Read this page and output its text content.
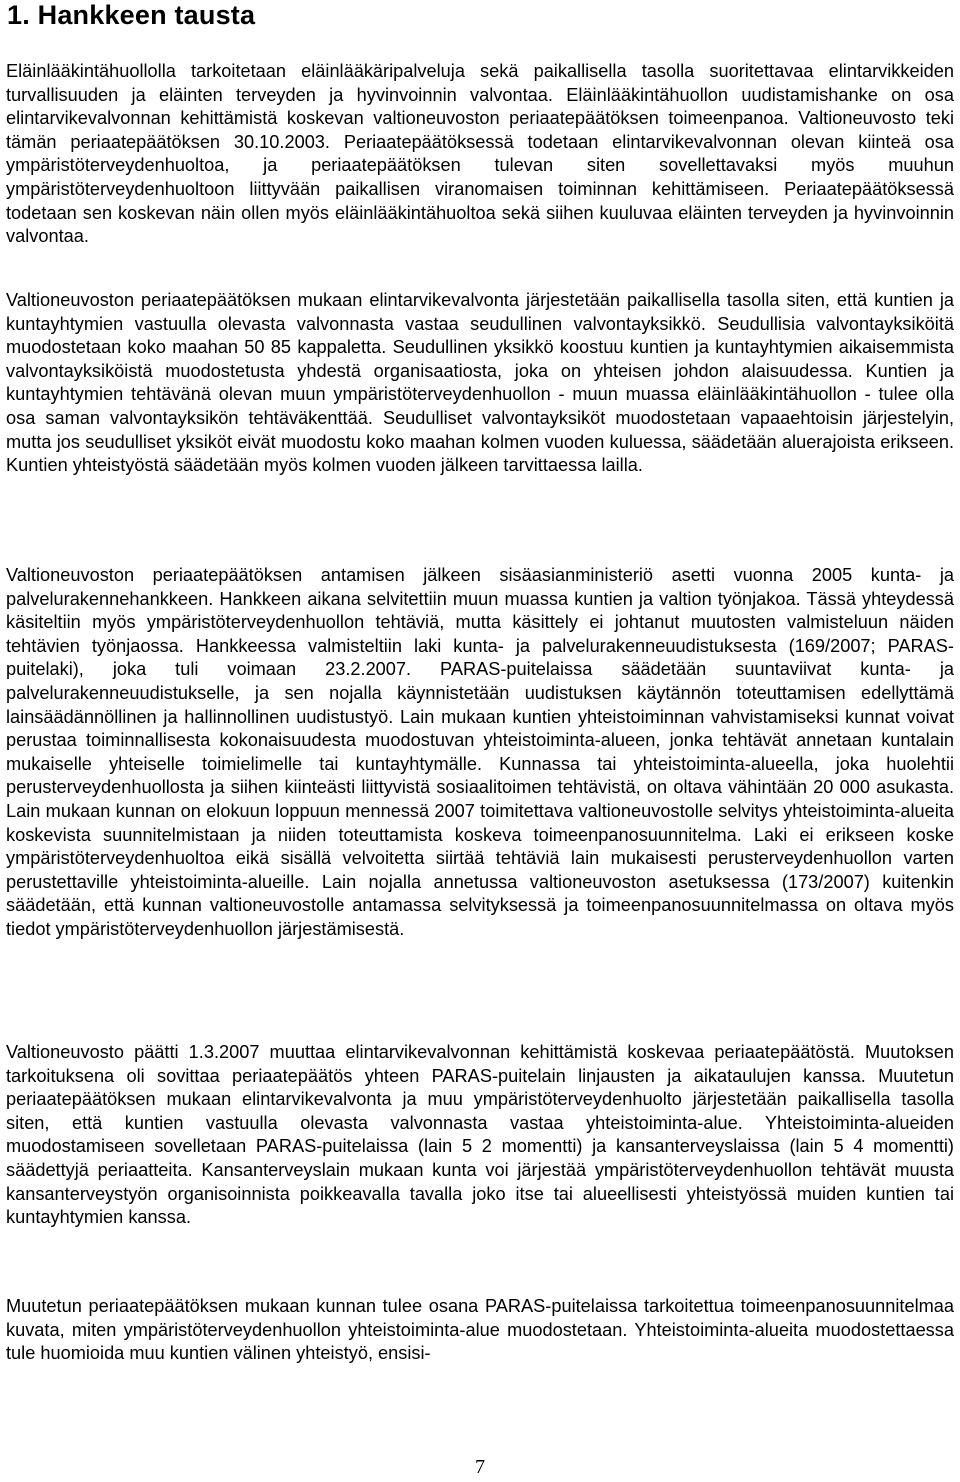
1. Hankkeen tausta

Eläinlääkintähuollolla tarkoitetaan eläinlääkäripalveluja sekä paikallisella tasolla suoritettavaa elintarvikkeiden turvallisuuden ja eläinten terveyden ja hyvinvoinnin valvontaa. Eläinlääkintähuollon uudistamishanke on osa elintarvikevalvonnan kehittämistä koskevan valtioneuvoston periaatepäätöksen toimeenpanoa. Valtioneuvosto teki tämän periaatepäätöksen 30.10.2003. Periaatepäätöksessä todetaan elintarvikevalvonnan olevan kiinteä osa ympäristöterveydenhuoltoa, ja periaatepäätöksen tulevan siten sovellettavaksi myös muuhun ympäristöterveydenhuoltoon liittyvään paikallisen viranomaisen toiminnan kehittämiseen. Periaatepäätöksessä todetaan sen koskevan näin ollen myös eläinlääkintähuoltoa sekä siihen kuuluvaa eläinten terveyden ja hyvinvoinnin valvontaa.

Valtioneuvoston periaatepäätöksen mukaan elintarvikevalvonta järjestetään paikallisella tasolla siten, että kuntien ja kuntayhtymien vastuulla olevasta valvonnasta vastaa seudullinen valvontayksikkö. Seudullisia valvontayksiköitä muodostetaan koko maahan 50 85 kappaletta. Seudullinen yksikkö koostuu kuntien ja kuntayhtymien aikaisemmista valvontayksiköistä muodostetusta yhdestä organisaatiosta, joka on yhteisen johdon alaisuudessa. Kuntien ja kuntayhtymien tehtävänä olevan muun ympäristöterveydenhuollon - muun muassa eläinlääkintähuollon - tulee olla osa saman valvontayksikön tehtäväkenttää. Seudulliset valvontayksiköt muodostetaan vapaaehtoisin järjestelyin, mutta jos seudulliset yksiköt eivät muodostu koko maahan kolmen vuoden kuluessa, säädetään aluerajoista erikseen. Kuntien yhteistyöstä säädetään myös kolmen vuoden jälkeen tarvittaessa lailla.

Valtioneuvoston periaatepäätöksen antamisen jälkeen sisäasianministeriö asetti vuonna 2005 kunta- ja palvelurakennehankkeen. Hankkeen aikana selvitettiin muun muassa kuntien ja valtion työnjakoa. Tässä yhteydessä käsiteltiin myös ympäristöterveydenhuollon tehtäviä, mutta käsittely ei johtanut muutosten valmisteluun näiden tehtävien työnjaossa. Hankkeessa valmisteltiin laki kunta- ja palvelurakenneuudistuksesta (169/2007; PARAS-puitelaki), joka tuli voimaan 23.2.2007. PARAS-puitelaissa säädetään suuntaviivat kunta- ja palvelurakenneuudistukselle, ja sen nojalla käynnistetään uudistuksen käytännön toteuttamisen edellyttämä lainsäädännöllinen ja hallinnollinen uudistustyö. Lain mukaan kuntien yhteistoiminnan vahvistamiseksi kunnat voivat perustaa toiminnallisesta kokonaisuudesta muodostuvan yhteistoiminta-alueen, jonka tehtävät annetaan kuntalain mukaiselle yhteiselle toimielimelle tai kuntayhtymälle. Kunnassa tai yhteistoiminta-alueella, joka huolehtii perusterveydenhuollosta ja siihen kiinteästi liittyvistä sosiaalitoimen tehtävistä, on oltava vähintään 20 000 asukasta. Lain mukaan kunnan on elokuun loppuun mennessä 2007 toimitettava valtioneuvostolle selvitys yhteistoiminta-alueita koskevista suunnitelmistaan ja niiden toteuttamista koskeva toimeenpanosuunnitelma. Laki ei erikseen koske ympäristöterveydenhuoltoa eikä sisällä velvoitetta siirtää tehtäviä lain mukaisesti perusterveydenhuollon varten perustettaville yhteistoiminta-alueille. Lain nojalla annetussa valtioneuvoston asetuksessa (173/2007) kuitenkin säädetään, että kunnan valtioneuvostolle antamassa selvityksessä ja toimeenpanosuunnitelmassa on oltava myös tiedot ympäristöterveydenhuollon järjestämisestä.

Valtioneuvosto päätti 1.3.2007 muuttaa elintarvikevalvonnan kehittämistä koskevaa periaatepäätöstä. Muutoksen tarkoituksena oli sovittaa periaatepäätös yhteen PARAS-puitelain linjausten ja aikataulujen kanssa. Muutetun periaatepäätöksen mukaan elintarvikevalvonta ja muu ympäristöterveydenhuolto järjestetään paikallisella tasolla siten, että kuntien vastuulla olevasta valvonnasta vastaa yhteistoiminta-alue. Yhteistoiminta-alueiden muodostamiseen sovelletaan PARAS-puitelaissa (lain 5 2 momentti) ja kansanterveyslaissa (lain 5 4 momentti) säädettyjä periaatteita. Kansanterveyslain mukaan kunta voi järjestää ympäristöterveydenhuollon tehtävät muusta kansanterveystyön organisoinnista poikkeavalla tavalla joko itse tai alueellisesti yhteistyössä muiden kuntien tai kuntayhtymien kanssa.

Muutetun periaatepäätöksen mukaan kunnan tulee osana PARAS-puitelaissa tarkoitettua toimeenpanosuunnitelmaa kuvata, miten ympäristöterveydenhuollon yhteistoiminta-alue muodostetaan. Yhteistoiminta-alueita muodostettaessa tule huomioida muu kuntien välinen yhteistyö, ensisi-

7
